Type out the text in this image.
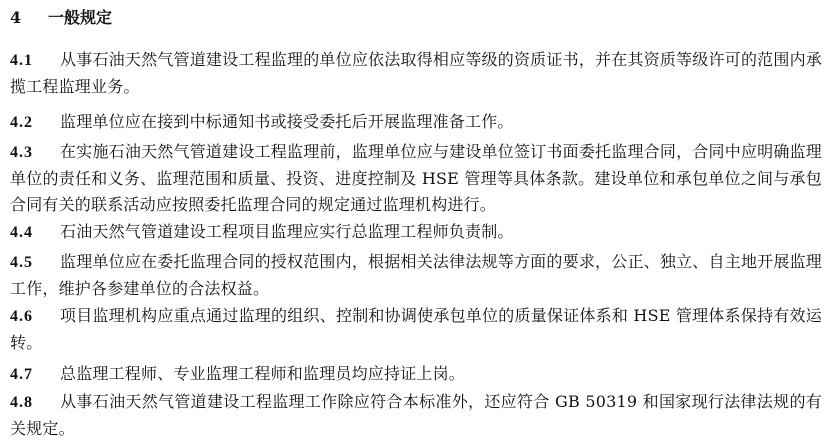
4 一般规定
4.1 从事石油天然气管道建设工程监理的单位应依法取得相应等级的资质证书，并在其资质等级许可的范围内承揽工程监理业务。
4.2 监理单位应在接到中标通知书或接受委托后开展监理准备工作。
4.3 在实施石油天然气管道建设工程监理前，监理单位应与建设单位签订书面委托监理合同，合同中应明确监理单位的责任和义务、监理范围和质量、投资、进度控制及 HSE 管理等具体条款。建设单位和承包单位之间与承包合同有关的联系活动应按照委托监理合同的规定通过监理机构进行。
4.4 石油天然气管道建设工程项目监理应实行总监理工程师负责制。
4.5 监理单位应在委托监理合同的授权范围内，根据相关法律法规等方面的要求，公正、独立、自主地开展监理工作，维护各参建单位的合法权益。
4.6 项目监理机构应重点通过监理的组织、控制和协调使承包单位的质量保证体系和 HSE 管理体系保持有效运转。
4.7 总监理工程师、专业监理工程师和监理员均应持证上岗。
4.8 从事石油天然气管道建设工程监理工作除应符合本标准外，还应符合 GB 50319 和国家现行法律法规的有关规定。
